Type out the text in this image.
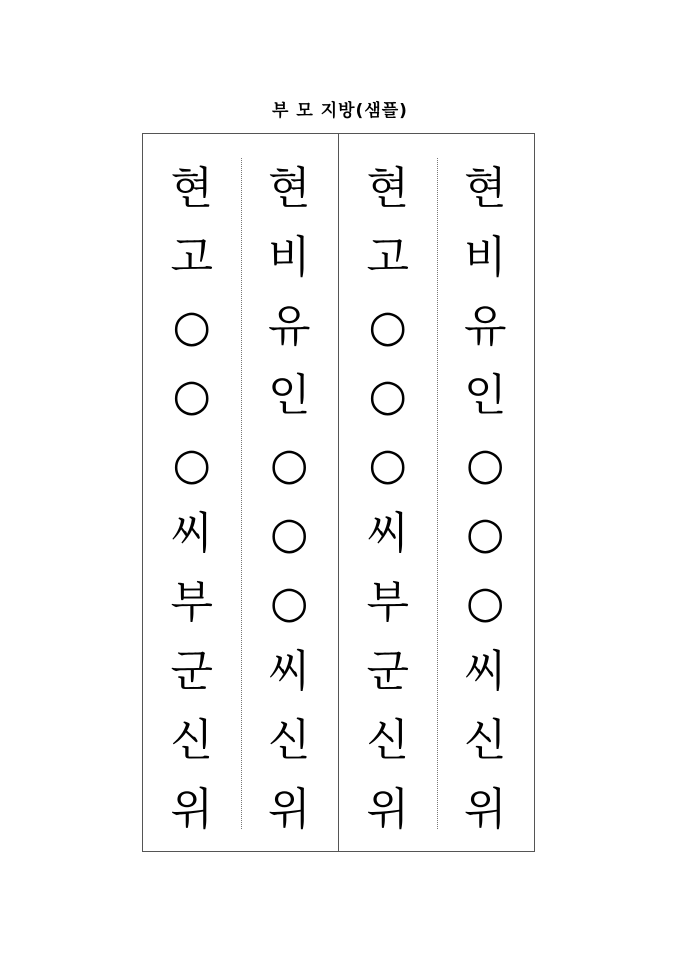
부 모 지방(샘플)
현
고
○
○
○
씨
부
군
신
위
현
비
유
인
○
○
○
씨
신
위
현
고
○
○
○
씨
부
군
신
위
현
비
유
인
○
○
○
씨
신
위
